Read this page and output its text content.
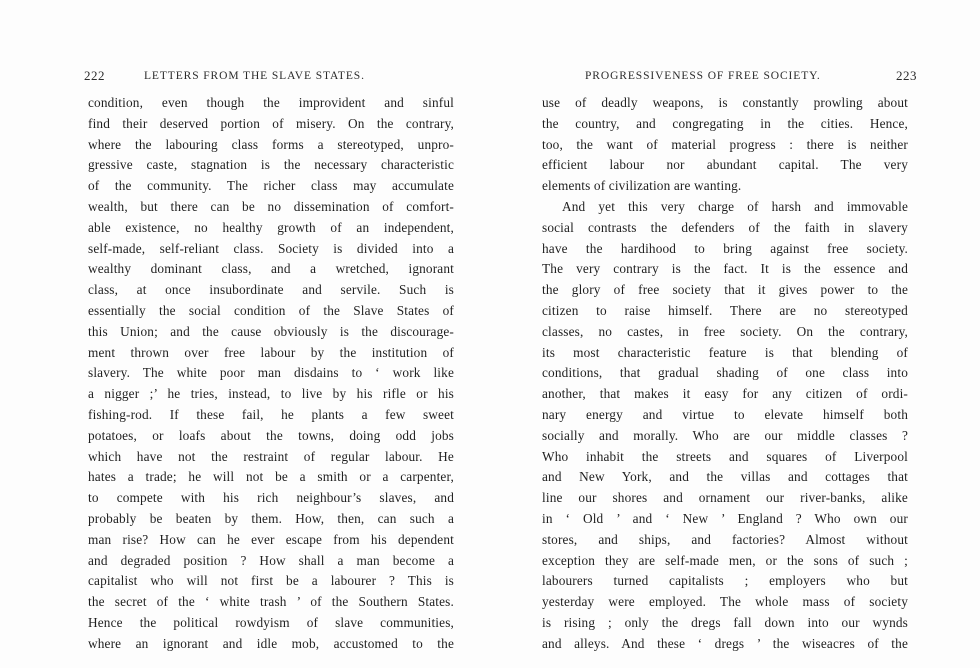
222	LETTERS FROM THE SLAVE STATES.
condition, even though the improvident and sinful
find their deserved portion of misery. On the contrary,
where the labouring class forms a stereotyped, unpro-
gressive caste, stagnation is the necessary characteristic
of the community. The richer class may accumulate
wealth, but there can be no dissemination of comfort-
able existence, no healthy growth of an independent,
self-made, self-reliant class. Society is divided into a
wealthy dominant class, and a wretched, ignorant
class, at once insubordinate and servile. Such is
essentially the social condition of the Slave States of
this Union; and the cause obviously is the discourage-
ment thrown over free labour by the institution of
slavery. The white poor man disdains to ‘ work like
a nigger ;’ he tries, instead, to live by his rifle or his
fishing-rod. If these fail, he plants a few sweet
potatoes, or loafs about the towns, doing odd jobs
which have not the restraint of regular labour. He
hates a trade; he will not be a smith or a carpenter,
to compete with his rich neighbour’s slaves, and
probably be beaten by them. How, then, can such a
man rise? How can he ever escape from his dependent
and degraded position ? How shall a man become a
capitalist who will not first be a labourer ? This is
the secret of the ‘ white trash ’ of the Southern States.
Hence the political rowdyism of slave communities,
where an ignorant and idle mob, accustomed to the
PROGRESSIVENESS OF FREE SOCIETY.	223
use of deadly weapons, is constantly prowling about
the country, and congregating in the cities. Hence,
too, the want of material progress : there is neither
efficient labour nor abundant capital. The very
elements of civilization are wanting.
And yet this very charge of harsh and immovable
social contrasts the defenders of the faith in slavery
have the hardihood to bring against free society.
The very contrary is the fact. It is the essence and
the glory of free society that it gives power to the
citizen to raise himself. There are no stereotyped
classes, no castes, in free society. On the contrary,
its most characteristic feature is that blending of
conditions, that gradual shading of one class into
another, that makes it easy for any citizen of ordi-
nary energy and virtue to elevate himself both
socially and morally. Who are our middle classes ?
Who inhabit the streets and squares of Liverpool
and New York, and the villas and cottages that
line our shores and ornament our river-banks, alike
in ‘ Old ’ and ‘ New ’ England ? Who own our
stores, and ships, and factories? Almost without
exception they are self-made men, or the sons of such ;
labourers turned capitalists ; employers who but
yesterday were employed. The whole mass of society
is rising ; only the dregs fall down into our wynds
and alleys. And these ‘ dregs ’ the wiseacres of the
